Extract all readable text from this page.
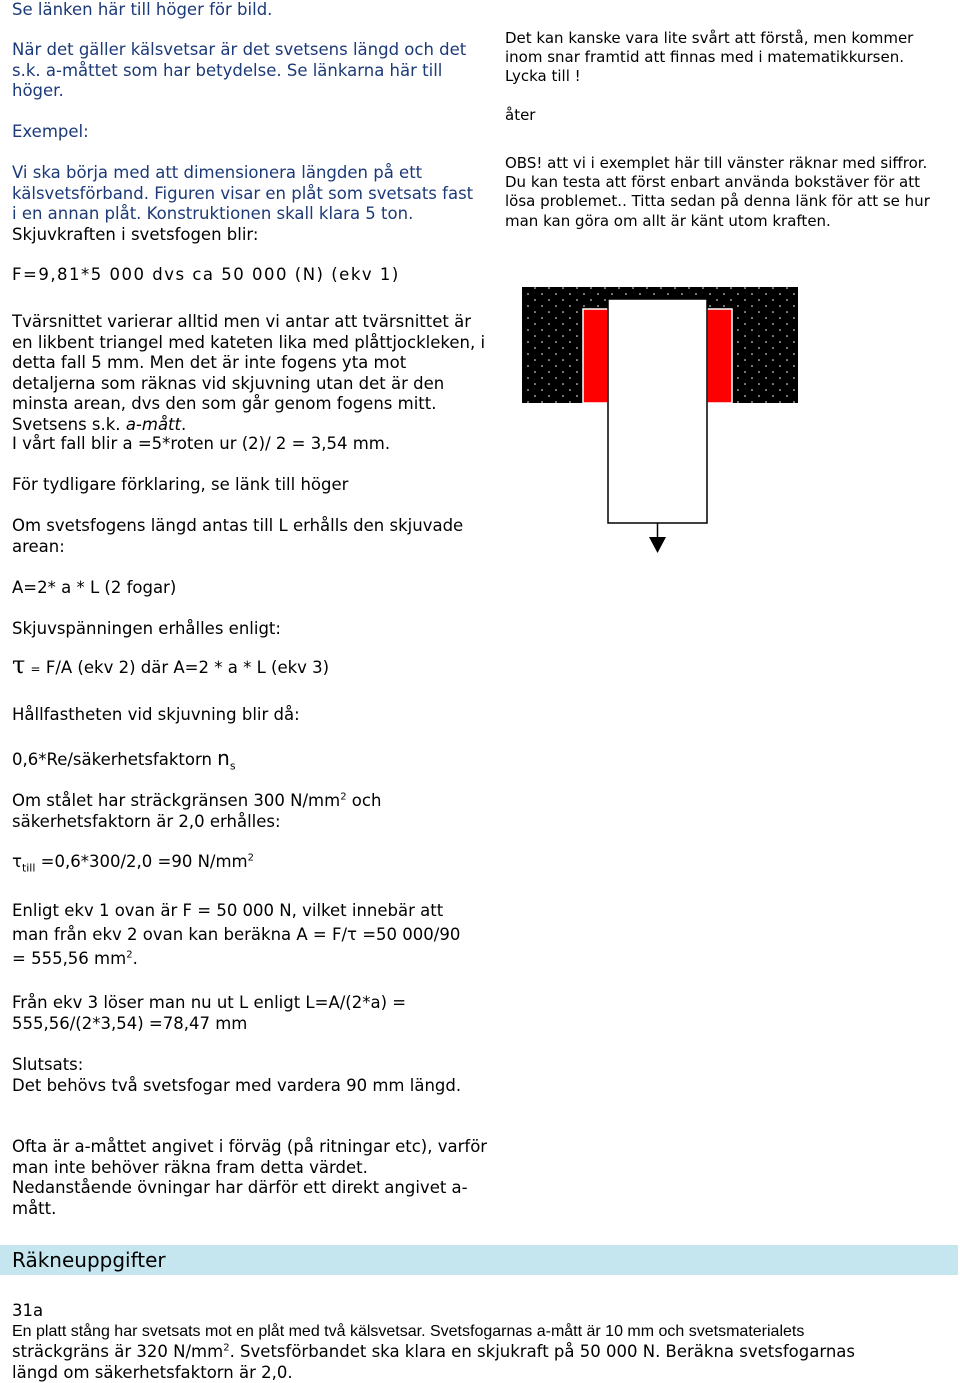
Se länken här till höger för bild.
När det gäller kälsvetsar är det svetsens längd och det s.k. a-måttet som har betydelse. Se länkarna här till höger.
Exempel:

Vi ska börja med att dimensionera längden på ett

kälsvetsförband. Figuren visar en plåt som svetsats fast

i en annan plåt. Konstruktionen skall klara 5 ton.

Skjuvkraften i svetsfogen blir:

F=9,81*5 000 dvs ca 50 000 (N) (ekv 1)
Tvärsnittet varierar alltid men vi antar att tvärsnittet är en likbent triangel med kateten lika med plåttjockleken, i detta fall 5 mm. Men det är inte fogens yta mot detaljerna som räknas vid skjuvning utan det är den minsta arean, dvs den som går genom fogens mitt. Svetsens s.k. a-mått.
I vårt fall blir a =5*roten ur (2)/ 2 = 3,54 mm.
För tydligare förklaring, se länk till höger
Om svetsfogens längd antas till L erhålls den skjuvade arean:
A=2* a * L (2 fogar)
Skjuvspänningen erhålles enligt:
τ = F/A (ekv 2) där A=2 * a * L (ekv 3)
Hållfastheten vid skjuvning blir då:
0,6*Re/säkerhetsfaktorn $n_s$
Om stålet har sträckgränsen 300 $N/mm^2$ och säkerhetsfaktorn är 2,0 erhålles:
$\tau_{till} =0,6*300/2,0 =90$ $N/mm^2$

Enligt ekv 1 ovan är F = 50 000 N, vilket innebär att

man från ekv 2 ovan kan beräkna A = F/τ =50 000/90

= 555,56 $mm^2$.

Från ekv 3 löser man nu ut L enligt L=A/(2*a) = 555,56/(2*3,54) =78,47 mm

Slutsats:

Det behövs två svetsfogar med vardera 90 mm längd.

Ofta är a-måttet angivet i förväg (på ritningar etc), varför man inte behöver räkna fram detta värdet. Nedanstående övningar har därför ett direkt angivet a-mått.
Det kan kanske vara lite svårt att förstå, men kommer inom snar framtid att finnas med i matematikkursen. Lycka till !
åter
OBS! att vi i exemplet här till vänster räknar med siffror. Du kan testa att först enbart använda bokstäver för att lösa problemet.. Titta sedan på denna länk för att se hur man kan göra om allt är känt utom kraften.
Räkneuppgifter

31a

En platt stång har svetsats mot en plåt med två kälsvetsar. Svetsfogarnas a-mått är 10 mm och svetsmaterialets

sträckgräns är 320 $N/mm^2$. Svetsförbandet ska klara en skjukraft på 50 000 N. Beräkna svetsfogarnas

längd om säkerhetsfaktorn är 2,0.
